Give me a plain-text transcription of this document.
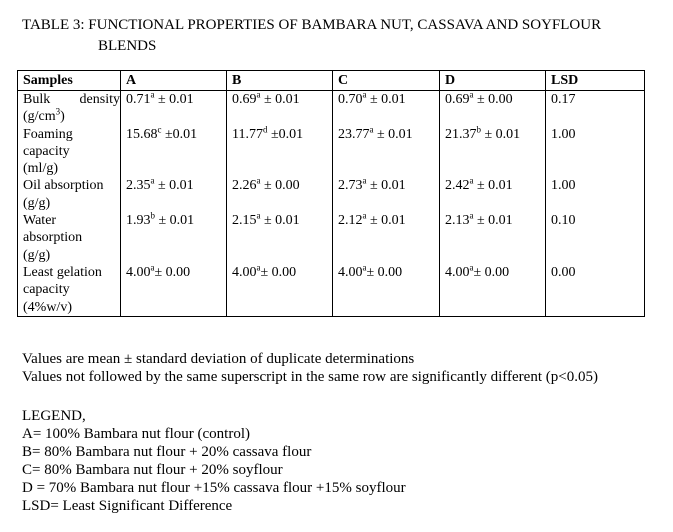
TABLE 3: FUNCTIONAL PROPERTIES OF BAMBARA NUT, CASSAVA AND SOYFLOUR
BLENDS
Samples	A	B	C	D	LSD

Bulk density
$(g/cm^3)$	0.71$^a$ ± 0.01	0.69$^a$ ± 0.01	0.70$^a$ ± 0.01	0.69$^a$ ± 0.00	0.17

Foaming
capacity
(ml/g)	15.68$^c$ ±0.01	11.77$^d$ ±0.01	23.77$^a$ ± 0.01	21.37$^b$ ± 0.01	1.00

Oil absorption
(g/g)	2.35$^a$ ± 0.01	2.26$^a$ ± 0.00	2.73$^a$ ± 0.01	2.42$^a$ ± 0.01	1.00

Water
absorption
(g/g)	1.93$^b$ ± 0.01	2.15$^a$ ± 0.01	2.12$^a$ ± 0.01	2.13$^a$ ± 0.01	0.10

Least gelation
capacity
(4%w/v)	4.00$^a$± 0.00	4.00$^a$± 0.00	4.00$^a$± 0.00	4.00$^a$± 0.00	0.00

Values are mean ± standard deviation of duplicate determinations

Values not followed by the same superscript in the same row are significantly different (p<0.05)

LEGEND,

A= 100% Bambara nut flour (control)

B= 80% Bambara nut flour + 20% cassava flour

C= 80% Bambara nut flour + 20% soyflour

D = 70% Bambara nut flour +15% cassava flour +15% soyflour

LSD= Least Significant Difference
